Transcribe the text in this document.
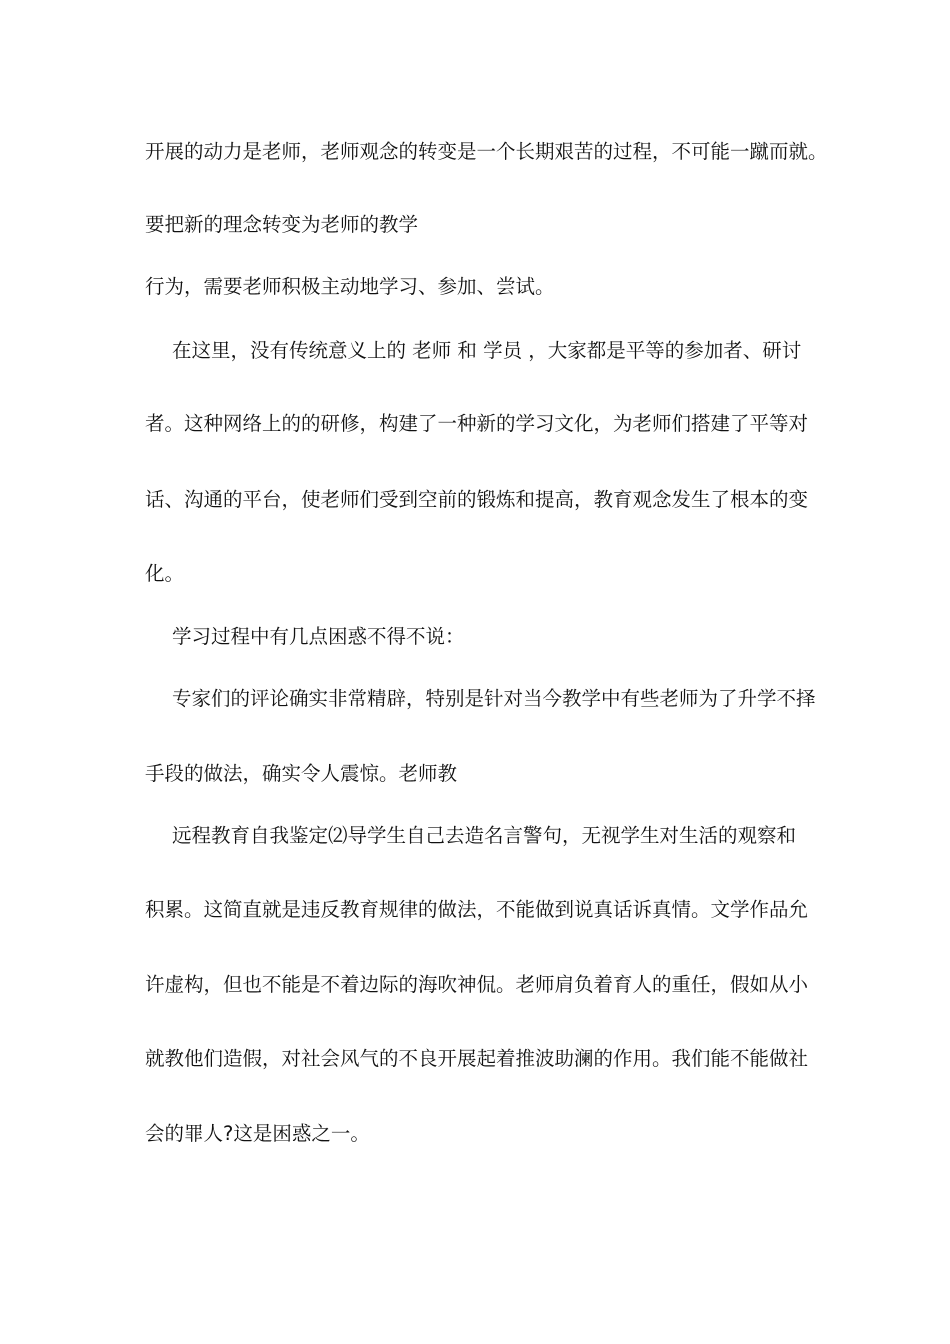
开展的动力是老师，老师观念的转变是一个长期艰苦的过程，不可能一蹴而就。
要把新的理念转变为老师的教学
行为，需要老师积极主动地学习、参加、尝试。
在这里，没有传统意义上的 老师 和 学员 ，大家都是平等的参加者、研讨
者。这种网络上的的研修，构建了一种新的学习文化，为老师们搭建了平等对
话、沟通的平台，使老师们受到空前的锻炼和提高，教育观念发生了根本的变
化。
学习过程中有几点困惑不得不说：
专家们的评论确实非常精辟，特别是针对当今教学中有些老师为了升学不择
手段的做法，确实令人震惊。老师教
远程教育自我鉴定⑵导学生自己去造名言警句，无视学生对生活的观察和
积累。这简直就是违反教育规律的做法，不能做到说真话诉真情。文学作品允
许虚构，但也不能是不着边际的海吹神侃。老师肩负着育人的重任，假如从小
就教他们造假，对社会风气的不良开展起着推波助澜的作用。我们能不能做社
会的罪人?这是困惑之一。
